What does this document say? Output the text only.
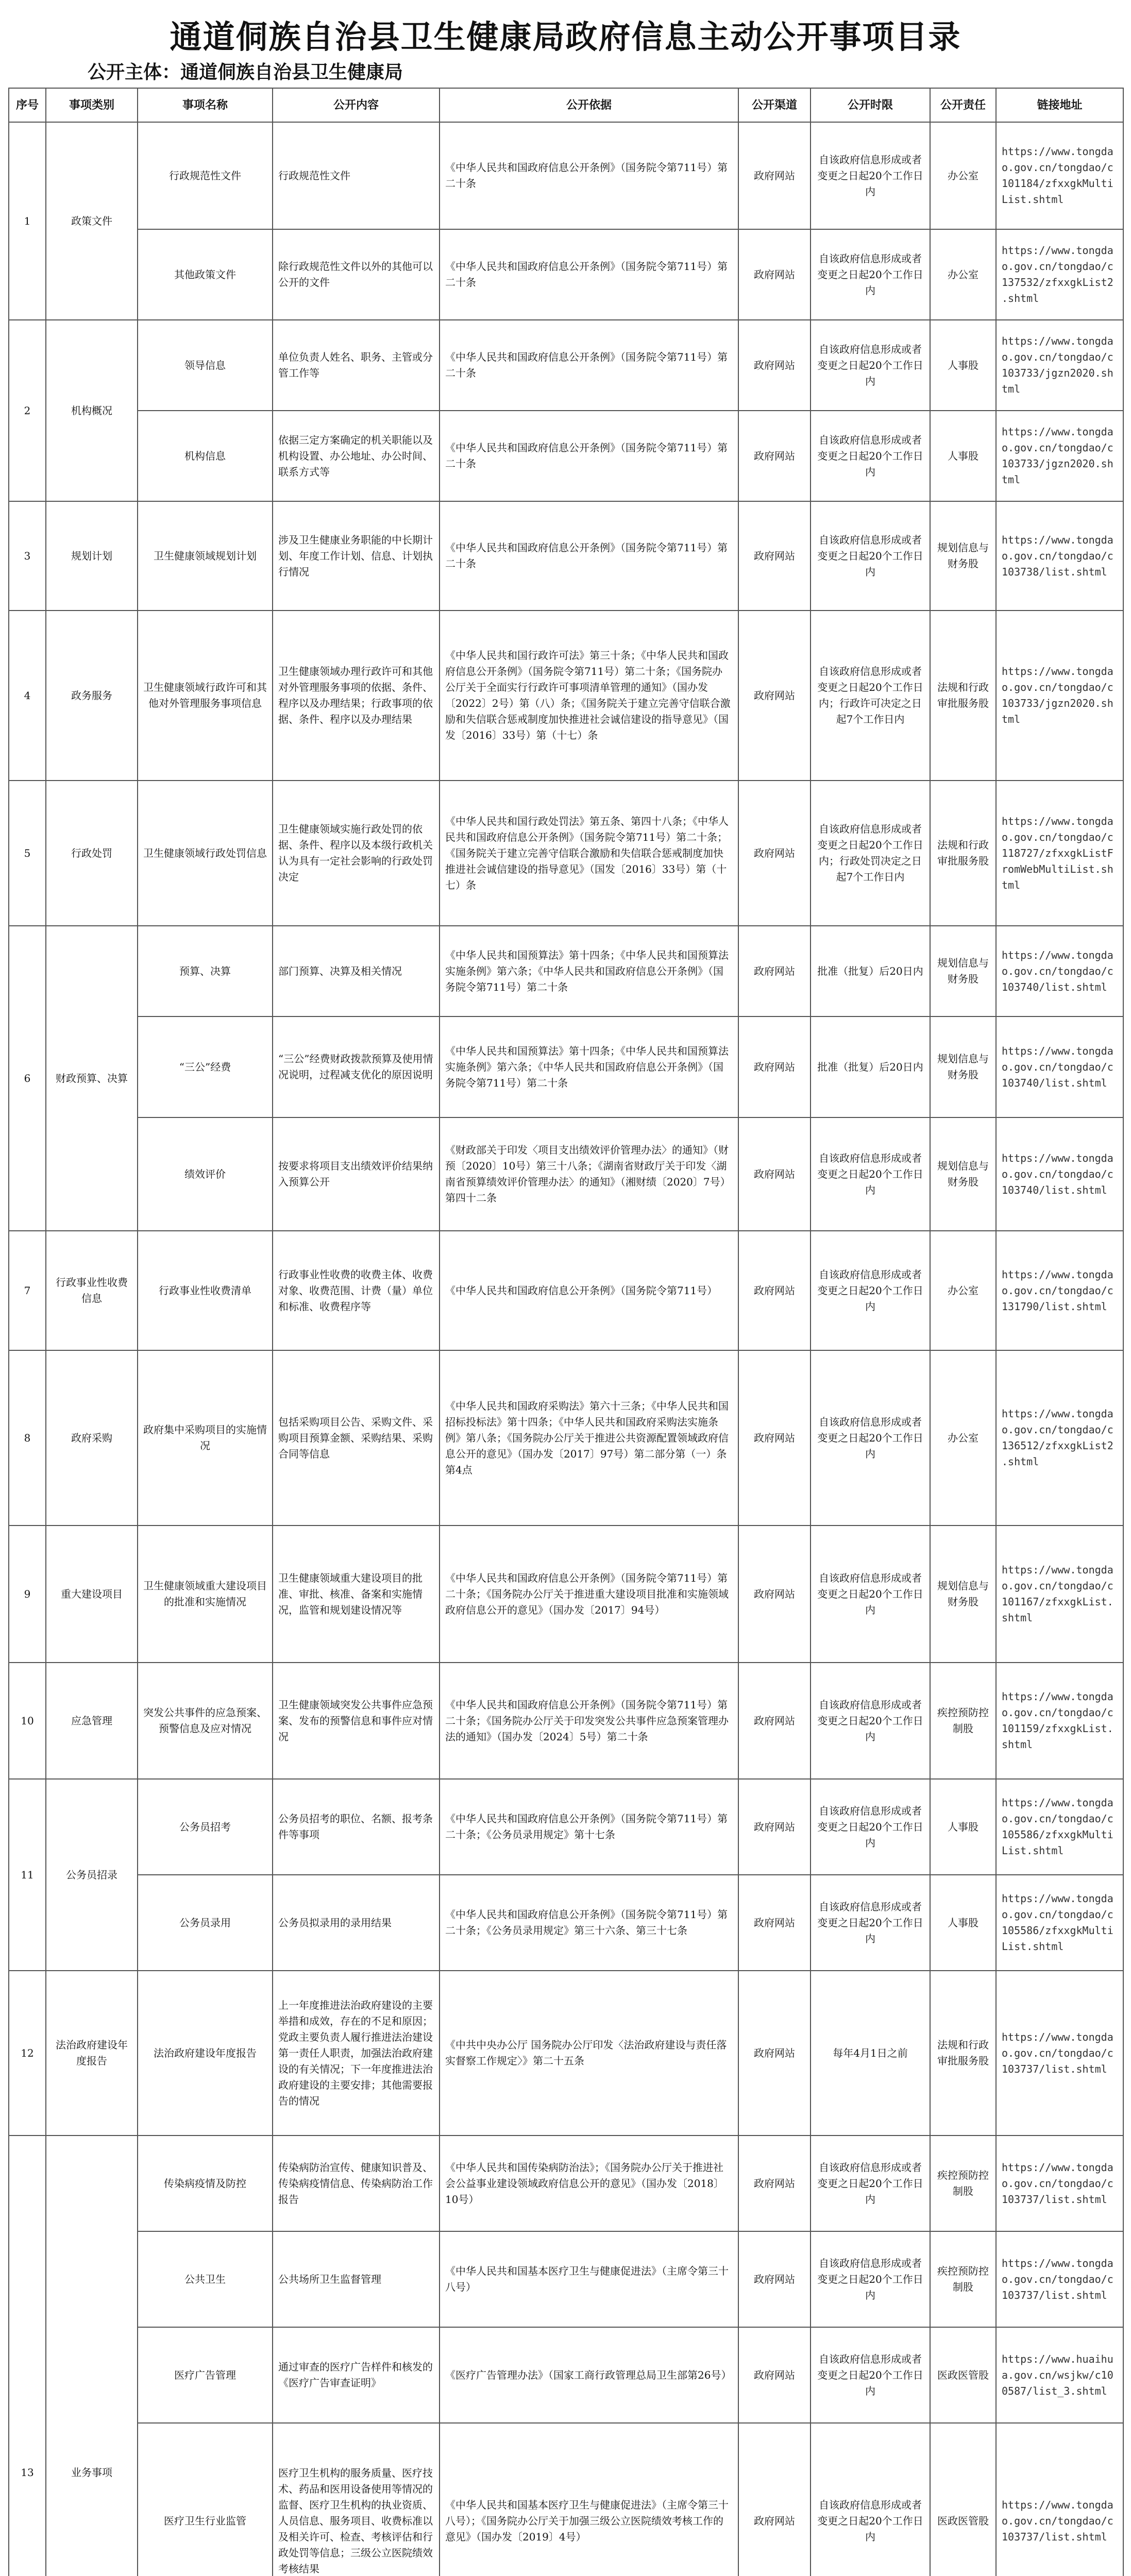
通道侗族自治县卫生健康局政府信息主动公开事项目录
公开主体：通道侗族自治县卫生健康局
序号	事项类别	事项名称	公开内容	公开依据	公开渠道	公开时限	公开责任	链接地址
1	政策文件	行政规范性文件	行政规范性文件	《中华人民共和国政府信息公开条例》（国务院令第711号）第二十条	政府网站	自该政府信息形成或者变更之日起20个工作日内	办公室	https://www.tongdao.gov.cn/tongdao/c101184/zfxxgkMultiList.shtml
		其他政策文件	除行政规范性文件以外的其他可以公开的文件	《中华人民共和国政府信息公开条例》（国务院令第711号）第二十条	政府网站	自该政府信息形成或者变更之日起20个工作日内	办公室	https://www.tongdao.gov.cn/tongdao/c137532/zfxxgkList2.shtml
2	机构概况	领导信息	单位负责人姓名、职务、主管或分管工作等	《中华人民共和国政府信息公开条例》（国务院令第711号）第二十条	政府网站	自该政府信息形成或者变更之日起20个工作日内	人事股	https://www.tongdao.gov.cn/tongdao/c103733/jgzn2020.shtml
		机构信息	依据三定方案确定的机关职能以及机构设置、办公地址、办公时间、联系方式等	《中华人民共和国政府信息公开条例》（国务院令第711号）第二十条	政府网站	自该政府信息形成或者变更之日起20个工作日内	人事股	https://www.tongdao.gov.cn/tongdao/c103733/jgzn2020.shtml
3	规划计划	卫生健康领域规划计划	涉及卫生健康业务职能的中长期计划、年度工作计划、信息、计划执行情况	《中华人民共和国政府信息公开条例》（国务院令第711号）第二十条	政府网站	自该政府信息形成或者变更之日起20个工作日内	规划信息与财务股	https://www.tongdao.gov.cn/tongdao/c103738/list.shtml
4	政务服务	卫生健康领域行政许可和其他对外管理服务事项信息	卫生健康领域办理行政许可和其他对外管理服务事项的依据、条件、程序以及办理结果；行政事项的依据、条件、程序以及办理结果	《中华人民共和国行政许可法》第三十条；《中华人民共和国政府信息公开条例》（国务院令第711号）第二十条；《国务院办公厅关于全面实行行政许可事项清单管理的通知》（国办发〔2022〕2号）第（八）条；《国务院关于建立完善守信联合激励和失信联合惩戒制度加快推进社会诚信建设的指导意见》（国发〔2016〕33号）第（十七）条	政府网站	自该政府信息形成或者变更之日起20个工作日内；行政许可决定之日起7个工作日内	法规和行政审批服务股	https://www.tongdao.gov.cn/tongdao/c103733/jgzn2020.shtml
5	行政处罚	卫生健康领域行政处罚信息	卫生健康领域实施行政处罚的依据、条件、程序以及本级行政机关认为具有一定社会影响的行政处罚决定	《中华人民共和国行政处罚法》第五条、第四十八条；《中华人民共和国政府信息公开条例》（国务院令第711号）第二十条；《国务院关于建立完善守信联合激励和失信联合惩戒制度加快推进社会诚信建设的指导意见》（国发〔2016〕33号）第（十七）条	政府网站	自该政府信息形成或者变更之日起20个工作日内；行政处罚决定之日起7个工作日内	法规和行政审批服务股	https://www.tongdao.gov.cn/tongdao/c118727/zfxxgkListFromWebMultiList.shtml
6	财政预算、决算	预算、决算	部门预算、决算及相关情况	《中华人民共和国预算法》第十四条；《中华人民共和国预算法实施条例》第六条；《中华人民共和国政府信息公开条例》（国务院令第711号）第二十条	政府网站	批准（批复）后20日内	规划信息与财务股	https://www.tongdao.gov.cn/tongdao/c103740/list.shtml
		“三公”经费	“三公”经费财政拨款预算及使用情况说明，过程减支优化的原因说明	《中华人民共和国预算法》第十四条；《中华人民共和国预算法实施条例》第六条；《中华人民共和国政府信息公开条例》（国务院令第711号）第二十条	政府网站	批准（批复）后20日内	规划信息与财务股	https://www.tongdao.gov.cn/tongdao/c103740/list.shtml
		绩效评价	按要求将项目支出绩效评价结果纳入预算公开	《财政部关于印发〈项目支出绩效评价管理办法〉的通知》（财预〔2020〕10号）第三十八条；《湖南省财政厅关于印发〈湖南省预算绩效评价管理办法〉的通知》（湘财绩〔2020〕7号）第四十二条	政府网站	自该政府信息形成或者变更之日起20个工作日内	规划信息与财务股	https://www.tongdao.gov.cn/tongdao/c103740/list.shtml
7	行政事业性收费信息	行政事业性收费清单	行政事业性收费的收费主体、收费对象、收费范围、计费（量）单位和标准、收费程序等	《中华人民共和国政府信息公开条例》（国务院令第711号）	政府网站	自该政府信息形成或者变更之日起20个工作日内	办公室	https://www.tongdao.gov.cn/tongdao/c131790/list.shtml
8	政府采购	政府集中采购项目的实施情况	包括采购项目公告、采购文件、采购项目预算金额、采购结果、采购合同等信息	《中华人民共和国政府采购法》第六十三条；《中华人民共和国招标投标法》第十四条；《中华人民共和国政府采购法实施条例》第八条；《国务院办公厅关于推进公共资源配置领域政府信息公开的意见》（国办发〔2017〕97号）第二部分第（一）条第4点	政府网站	自该政府信息形成或者变更之日起20个工作日内	办公室	https://www.tongdao.gov.cn/tongdao/c136512/zfxxgkList2.shtml
9	重大建设项目	卫生健康领域重大建设项目的批准和实施情况	卫生健康领域重大建设项目的批准、审批、核准、备案和实施情况，监管和规划建设情况等	《中华人民共和国政府信息公开条例》（国务院令第711号）第二十条；《国务院办公厅关于推进重大建设项目批准和实施领域政府信息公开的意见》（国办发〔2017〕94号）	政府网站	自该政府信息形成或者变更之日起20个工作日内	规划信息与财务股	https://www.tongdao.gov.cn/tongdao/c101167/zfxxgkList.shtml
10	应急管理	突发公共事件的应急预案、预警信息及应对情况	卫生健康领域突发公共事件应急预案、发布的预警信息和事件应对情况	《中华人民共和国政府信息公开条例》（国务院令第711号）第二十条；《国务院办公厅关于印发突发公共事件应急预案管理办法的通知》（国办发〔2024〕5号）第二十条	政府网站	自该政府信息形成或者变更之日起20个工作日内	疾控预防控制股	https://www.tongdao.gov.cn/tongdao/c101159/zfxxgkList.shtml
11	公务员招录	公务员招考	公务员招考的职位、名额、报考条件等事项	《中华人民共和国政府信息公开条例》（国务院令第711号）第二十条；《公务员录用规定》第十七条	政府网站	自该政府信息形成或者变更之日起20个工作日内	人事股	https://www.tongdao.gov.cn/tongdao/c105586/zfxxgkMultiList.shtml
		公务员录用	公务员拟录用的录用结果	《中华人民共和国政府信息公开条例》（国务院令第711号）第二十条；《公务员录用规定》第三十六条、第三十七条	政府网站	自该政府信息形成或者变更之日起20个工作日内	人事股	https://www.tongdao.gov.cn/tongdao/c105586/zfxxgkMultiList.shtml
12	法治政府建设年度报告	法治政府建设年度报告	上一年度推进法治政府建设的主要举措和成效，存在的不足和原因；党政主要负责人履行推进法治建设第一责任人职责，加强法治政府建设的有关情况；下一年度推进法治政府建设的主要安排；其他需要报告的情况	《中共中央办公厅 国务院办公厅印发〈法治政府建设与责任落实督察工作规定〉》第二十五条	政府网站	每年4月1日之前	法规和行政审批服务股	https://www.tongdao.gov.cn/tongdao/c103737/list.shtml
13	业务事项	传染病疫情及防控	传染病防治宣传、健康知识普及、传染病疫情信息、传染病防治工作报告	《中华人民共和国传染病防治法》；《国务院办公厅关于推进社会公益事业建设领域政府信息公开的意见》（国办发〔2018〕10号）	政府网站	自该政府信息形成或者变更之日起20个工作日内	疾控预防控制股	https://www.tongdao.gov.cn/tongdao/c103737/list.shtml
		公共卫生	公共场所卫生监督管理	《中华人民共和国基本医疗卫生与健康促进法》（主席令第三十八号）	政府网站	自该政府信息形成或者变更之日起20个工作日内	疾控预防控制股	https://www.tongdao.gov.cn/tongdao/c103737/list.shtml
		医疗广告管理	通过审查的医疗广告样件和核发的《医疗广告审查证明》	《医疗广告管理办法》（国家工商行政管理总局卫生部第26号）	政府网站	自该政府信息形成或者变更之日起20个工作日内	医政医管股	https://www.huaihua.gov.cn/wsjkw/c100587/list_3.shtml
		医疗卫生行业监管	医疗卫生机构的服务质量、医疗技术、药品和医用设备使用等情况的监督、医疗卫生机构的执业资质、人员信息、服务项目、收费标准以及相关许可、检查、考核评估和行政处罚等信息；三级公立医院绩效考核结果	《中华人民共和国基本医疗卫生与健康促进法》（主席令第三十八号）；《国务院办公厅关于加强三级公立医院绩效考核工作的意见》（国办发〔2019〕4号）	政府网站	自该政府信息形成或者变更之日起20个工作日内	医政医管股	https://www.tongdao.gov.cn/tongdao/c103737/list.shtml
